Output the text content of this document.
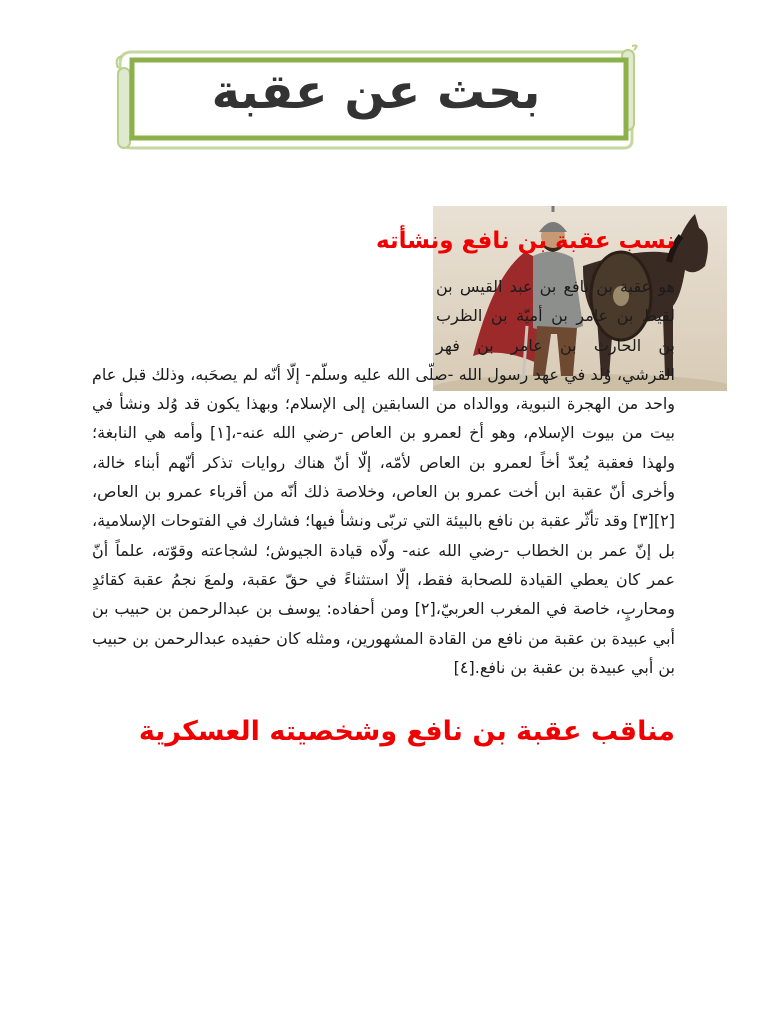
بحث عن عقبة
نسب عقبة بن نافع ونشأته

هو عقبة بن نافع بن عبد القيس بن لقيط بن عامر بن أميّة بن الظرب بن الحارث بن عامر بن فهر القرشي، وُلد في عهد رسول الله -صلّى الله عليه وسلّم- إلّا أنّه لم يصحَبه، وذلك قبل عام واحد من الهجرة النبوية، ووالداه من السابقين إلى الإسلام؛ وبهذا يكون قد وُلد ونشأ في بيت من بيوت الإسلام، وهو أخ لعمرو بن العاص -رضي الله عنه-،[١] وأمه هي النابغة؛ ولهذا فعقبة يُعدّ أخاً لعمرو بن العاص لأمّه، إلّا أنّ هناك روايات تذكر أنّهم أبناء خالة، وأخرى أنّ عقبة ابن أخت عمرو بن العاص، وخلاصة ذلك أنّه من أقرباء عمرو بن العاص،[٢][٣] وقد تأثّر عقبة بن نافع بالبيئة التي تربّى ونشأ فيها؛ فشارك في الفتوحات الإسلامية، بل إنّ عمر بن الخطاب -رضي الله عنه- ولّاه قيادة الجيوش؛ لشجاعته وقوّته، علماً أنّ عمر كان يعطي القيادة للصحابة فقط، إلّا استثناءً في حقّ عقبة، ولمعَ نجمُ عقبة كقائدٍ ومحاربٍ، خاصة في المغرب العربيّ،[٢] ومن أحفاده: يوسف بن عبدالرحمن بن حبيب بن أبي عبيدة بن عقبة من نافع من القادة المشهورين، ومثله كان حفيده عبدالرحمن بن حبيب بن أبي عبيدة بن عقبة بن نافع.[٤]

مناقب عقبة بن نافع وشخصيته العسكرية
